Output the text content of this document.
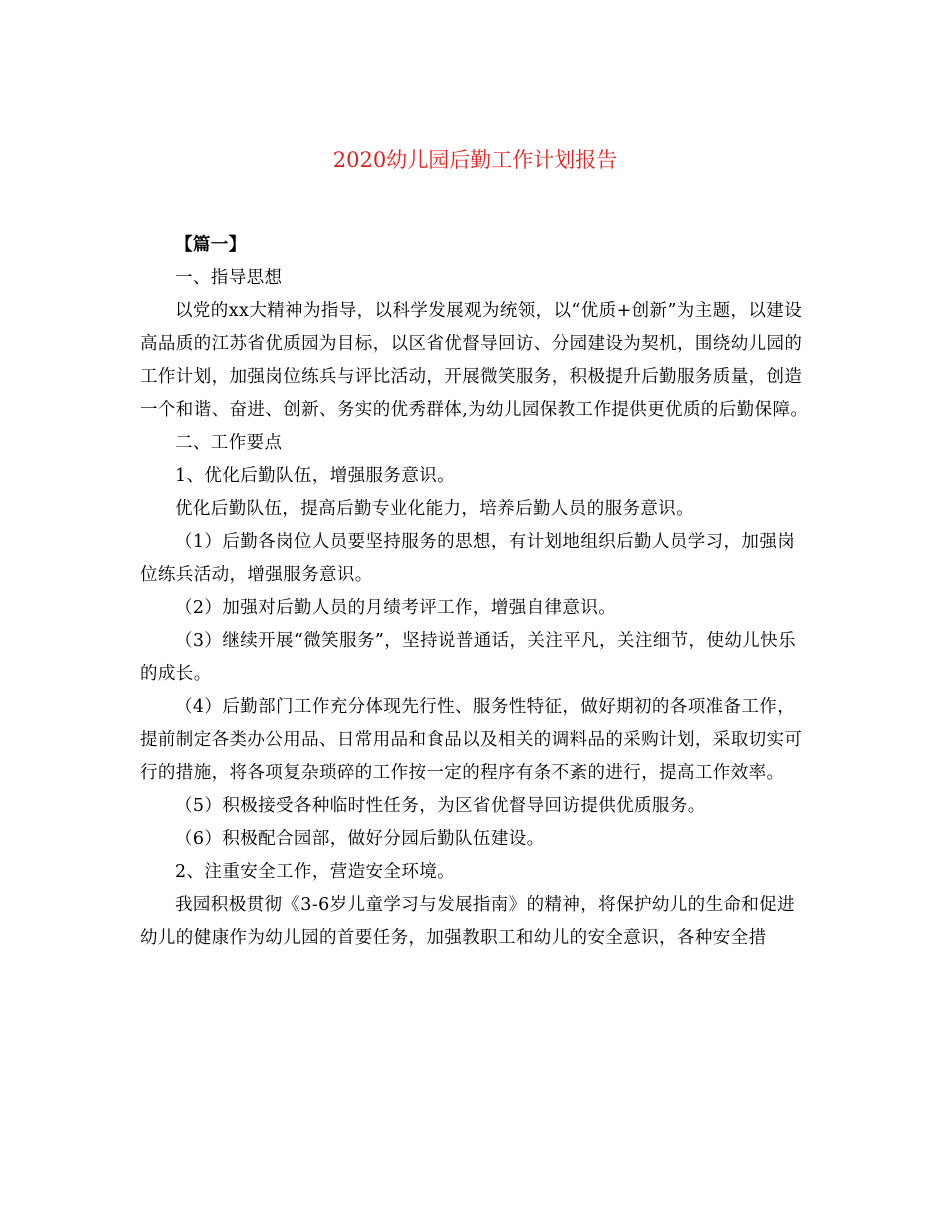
2020幼儿园后勤工作计划报告

【篇一】

一、指导思想

以党的xx大精神为指导，以科学发展观为统领，以“优质+创新”为主题，以建设高品质的江苏省优质园为目标，以区省优督导回访、分园建设为契机，围绕幼儿园的工作计划，加强岗位练兵与评比活动，开展微笑服务，积极提升后勤服务质量，创造一个和谐、奋进、创新、务实的优秀群体,为幼儿园保教工作提供更优质的后勤保障。

二、工作要点

1、优化后勤队伍，增强服务意识。

优化后勤队伍，提高后勤专业化能力，培养后勤人员的服务意识。

（1）后勤各岗位人员要坚持服务的思想，有计划地组织后勤人员学习，加强岗位练兵活动，增强服务意识。

（2）加强对后勤人员的月绩考评工作，增强自律意识。

（3）继续开展“微笑服务”，坚持说普通话，关注平凡，关注细节，使幼儿快乐的成长。

（4）后勤部门工作充分体现先行性、服务性特征，做好期初的各项准备工作，提前制定各类办公用品、日常用品和食品以及相关的调料品的采购计划，采取切实可行的措施，将各项复杂琐碎的工作按一定的程序有条不紊的进行，提高工作效率。

（5）积极接受各种临时性任务，为区省优督导回访提供优质服务。

（6）积极配合园部，做好分园后勤队伍建设。

2、注重安全工作，营造安全环境。

我园积极贯彻《3-6岁儿童学习与发展指南》的精神，将保护幼儿的生命和促进幼儿的健康作为幼儿园的首要任务，加强教职工和幼儿的安全意识，各种安全措
